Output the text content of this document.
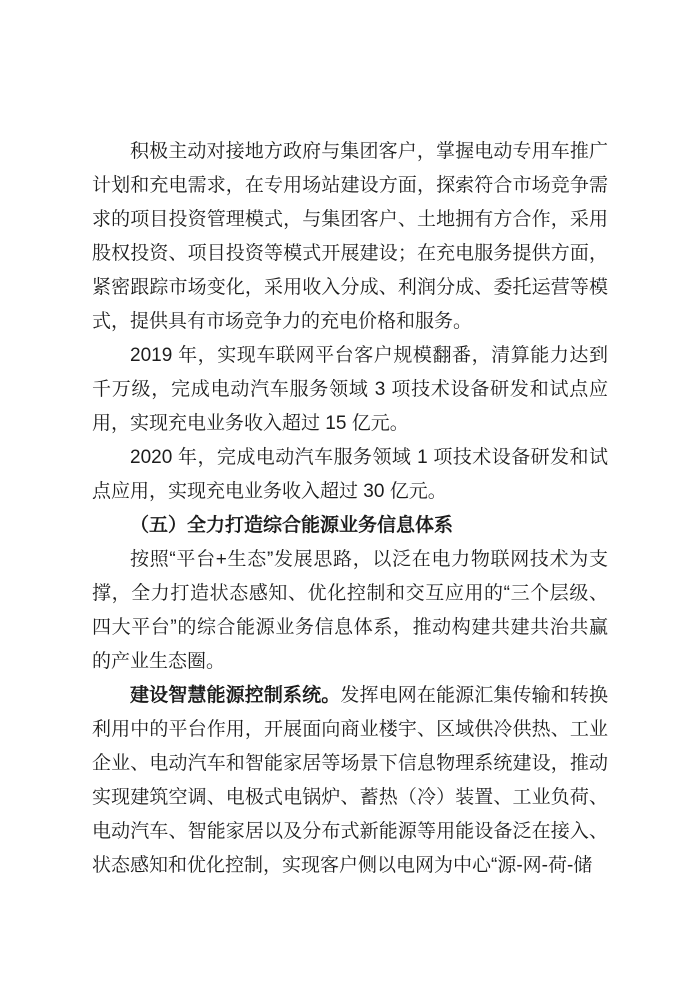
积极主动对接地方政府与集团客户，掌握电动专用车推广计划和充电需求，在专用场站建设方面，探索符合市场竞争需求的项目投资管理模式，与集团客户、土地拥有方合作，采用股权投资、项目投资等模式开展建设；在充电服务提供方面，紧密跟踪市场变化，采用收入分成、利润分成、委托运营等模式，提供具有市场竞争力的充电价格和服务。

2019 年，实现车联网平台客户规模翻番，清算能力达到千万级，完成电动汽车服务领域 3 项技术设备研发和试点应用，实现充电业务收入超过 15 亿元。

2020 年，完成电动汽车服务领域 1 项技术设备研发和试点应用，实现充电业务收入超过 30 亿元。

（五）全力打造综合能源业务信息体系

按照“平台+生态”发展思路，以泛在电力物联网技术为支撑，全力打造状态感知、优化控制和交互应用的“三个层级、四大平台”的综合能源业务信息体系，推动构建共建共治共赢的产业生态圈。

建设智慧能源控制系统。发挥电网在能源汇集传输和转换利用中的平台作用，开展面向商业楼宇、区域供冷供热、工业企业、电动汽车和智能家居等场景下信息物理系统建设，推动实现建筑空调、电极式电锅炉、蓄热（冷）装置、工业负荷、电动汽车、智能家居以及分布式新能源等用能设备泛在接入、状态感知和优化控制，实现客户侧以电网为中心“源-网-荷-储
